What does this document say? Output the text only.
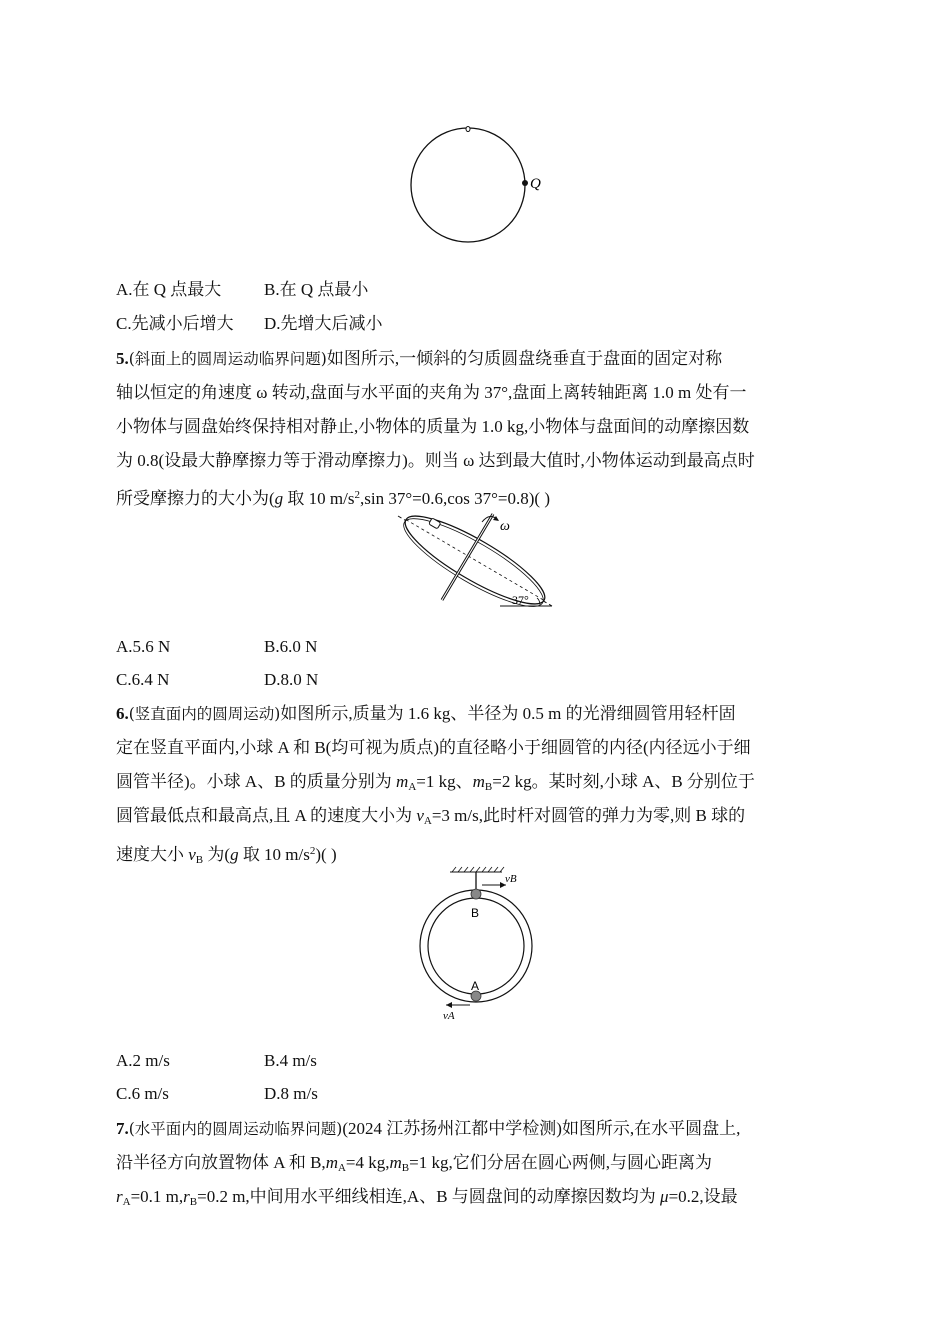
Q
A.在 Q 点最大	B.在 Q 点最小
C.先减小后增大 D.先增大后减小
5.(斜面上的圆周运动临界问题)如图所示,一倾斜的匀质圆盘绕垂直于盘面的固定对称
轴以恒定的角速度 ω 转动,盘面与水平面的夹角为 37°,盘面上离转轴距离 1.0 m 处有一
小物体与圆盘始终保持相对静止,小物体的质量为 1.0 kg,小物体与盘面间的动摩擦因数
为 0.8(设最大静摩擦力等于滑动摩擦力)。则当 ω 达到最大值时,小物体运动到最高点时
所受摩擦力的大小为(g 取 10 $m/s^2,\sin$ 37°=0.6,cos 37°=0.8)( )
ω
37°
A.5.6 N	B.6.0 N
C.6.4 N	D.8.0 N
6.(竖直面内的圆周运动)如图所示,质量为 1.6 kg、半径为 0.5 m 的光滑细圆管用轻杆固
定在竖直平面内,小球 A 和 B(均可视为质点)的直径略小于细圆管的内径(内径远小于细
圆管半径)。小球 A、B 的质量分别为 $m_A=1$ kg、$m_B=2$ kg。某时刻,小球 A、B 分别位于
圆管最低点和最高点,且 A 的速度大小为 $v_A=3$ m/s,此时杆对圆管的弹力为零,则 B 球的
速度大小 $v_B$ 为(g 取 10 $m/s^2$)( )
B
A
vB
vA
A.2 m/s	B.4 m/s
C.6 m/s	D.8 m/s
7.(水平面内的圆周运动临界问题)(2024 江苏扬州江都中学检测)如图所示,在水平圆盘上,
沿半径方向放置物体 A 和 $B,m_A=4$ $kg,m_B=1$ kg,它们分居在圆心两侧,与圆心距离为
$r_A=0.1$ $m,r_B=0.2$ m,中间用水平细线相连,A、B 与圆盘间的动摩擦因数均为 μ=0.2,设最
